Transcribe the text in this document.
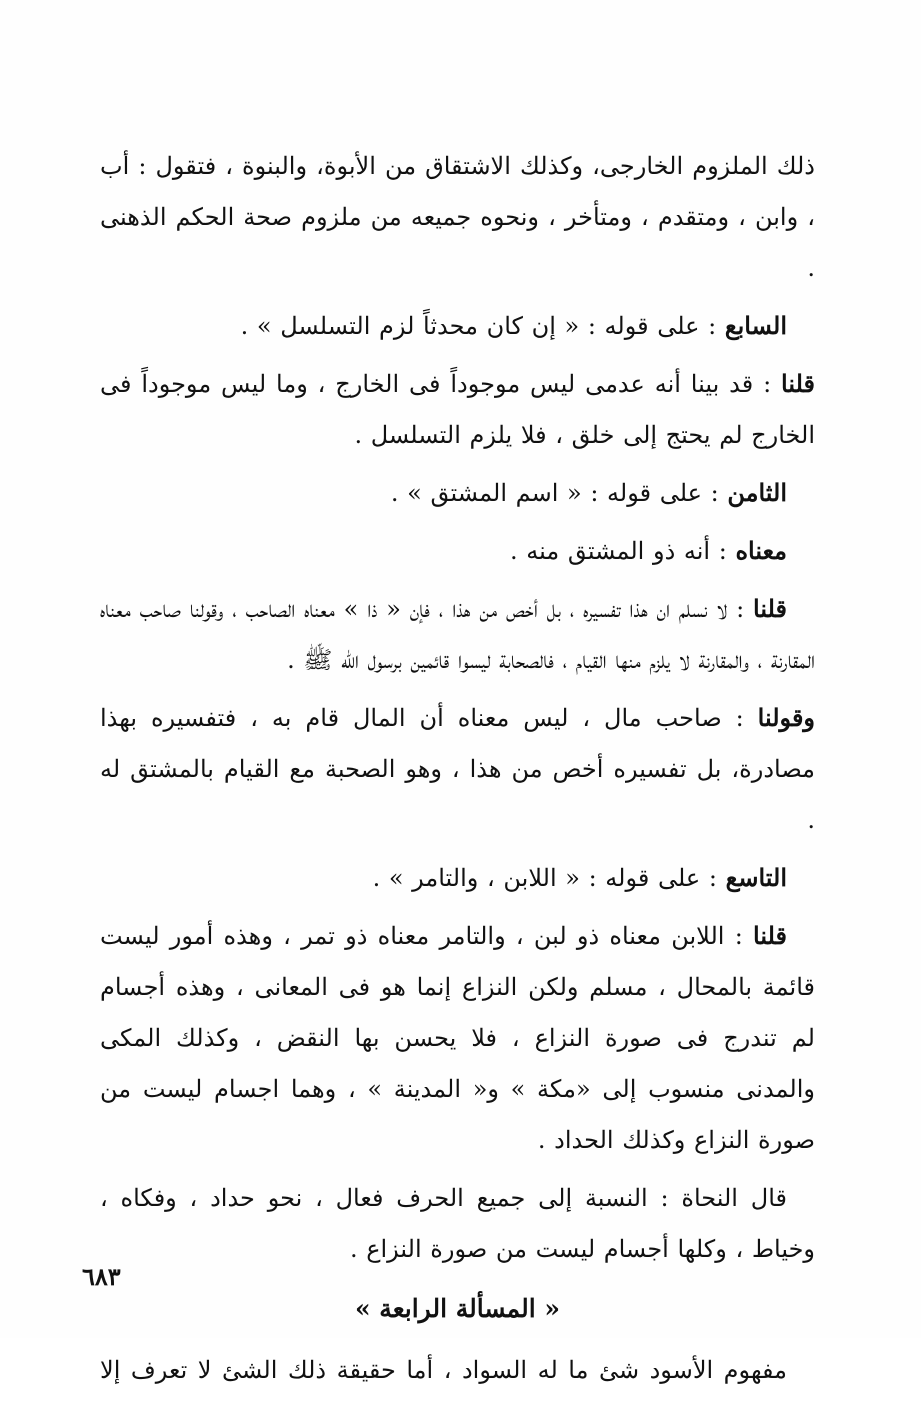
ذلك الملزوم الخارجى، وكذلك الاشتقاق من الأبوة، والبنوة ، فتقول : أب ، وابن ، ومتقدم ، ومتأخر ، ونحوه جميعه من ملزوم صحة الحكم الذهنى .

السابع : على قوله : « إن كان محدثاً لزم التسلسل » .

قلنا : قد بينا أنه عدمى ليس موجوداً فى الخارج ، وما ليس موجوداً فى الخارج لم يحتج إلى خلق ، فلا يلزم التسلسل .

الثامن : على قوله : « اسم المشتق » .

معناه : أنه ذو المشتق منه .

قلنا : لا نسلم ان هذا تفسيره ، بل أخص من هذا ، فإن « ذا » معناه الصاحب ، وقولنا صاحب معناه المقارنة ، والمقارنة لا يلزم منها القيام ، فالصحابة ليسوا قائمين برسول الله ﷺ .

وقولنا : صاحب مال ، ليس معناه أن المال قام به ، فتفسيره بهذا مصادرة، بل تفسيره أخص من هذا ، وهو الصحبة مع القيام بالمشتق له .

التاسع : على قوله : « اللابن ، والتامر » .

قلنا : اللابن معناه ذو لبن ، والتامر معناه ذو تمر ، وهذه أمور ليست قائمة بالمحال ، مسلم ولكن النزاع إنما هو فى المعانى ، وهذه أجسام لم تندرج فى صورة النزاع ، فلا يحسن بها النقض ، وكذلك المكى والمدنى منسوب إلى «مكة » و« المدينة » ، وهما اجسام ليست من صورة النزاع وكذلك الحداد .

قال النحاة : النسبة إلى جميع الحرف فعال ، نحو حداد ، وفكاه ، وخياط ، وكلها أجسام ليست من صورة النزاع .

« المسألة الرابعة »

مفهوم الأسود شئ ما له السواد ، أما حقيقة ذلك الشئ لا تعرف إلا

٦٨٣
